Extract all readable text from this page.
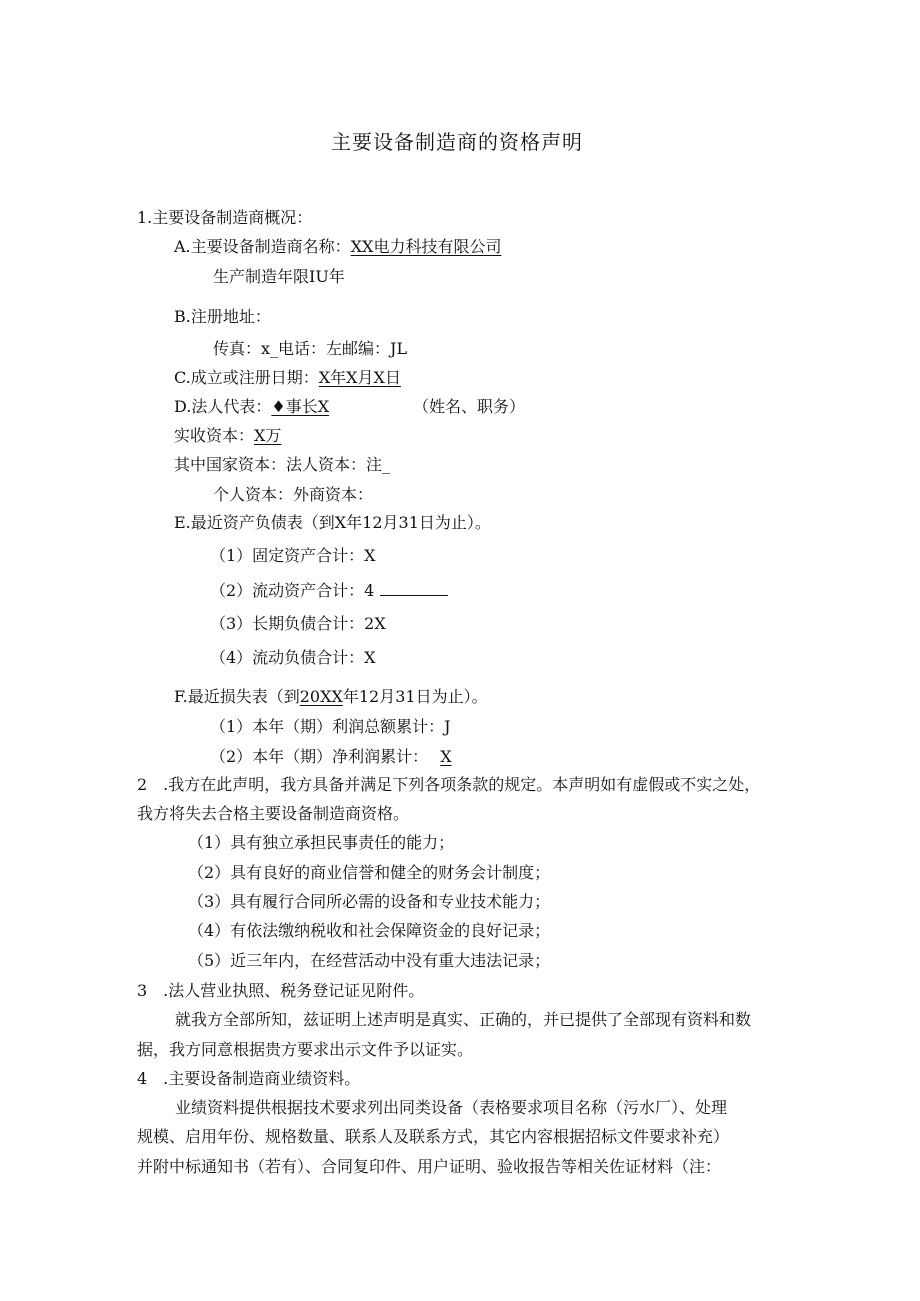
主要设备制造商的资格声明
1.主要设备制造商概况：
A.主要设备制造商名称：XX电力科技有限公司
生产制造年限IU年
B.注册地址：
传真：x_电话：左邮编：JL
C.成立或注册日期：X年X月X日
D.法人代表：♦事长X	（姓名、职务）
实收资本：X万
其中国家资本：法人资本：注_
个人资本：外商资本：
E.最近资产负债表（到X年12月31日为止）。
（1）固定资产合计：X
（2）流动资产合计：4
（3）长期负债合计：2X
（4）流动负债合计：X
F.最近损失表（到20XX年12月31日为止）。
（1）本年（期）利润总额累计：J
（2）本年（期）净利润累计： X
2　.我方在此声明，我方具备并满足下列各项条款的规定。本声明如有虚假或不实之处，
我方将失去合格主要设备制造商资格。
（1）具有独立承担民事责任的能力；
（2）具有良好的商业信誉和健全的财务会计制度；
（3）具有履行合同所必需的设备和专业技术能力；
（4）有依法缴纳税收和社会保障资金的良好记录；
（5）近三年内，在经营活动中没有重大违法记录；
3　.法人营业执照、税务登记证见附件。
就我方全部所知，兹证明上述声明是真实、正确的，并已提供了全部现有资料和数
据，我方同意根据贵方要求出示文件予以证实。
4　.主要设备制造商业绩资料。
业绩资料提供根据技术要求列出同类设备（表格要求项目名称（污水厂）、处理
规模、启用年份、规格数量、联系人及联系方式，其它内容根据招标文件要求补充）
并附中标通知书（若有）、合同复印件、用户证明、验收报告等相关佐证材料（注：
